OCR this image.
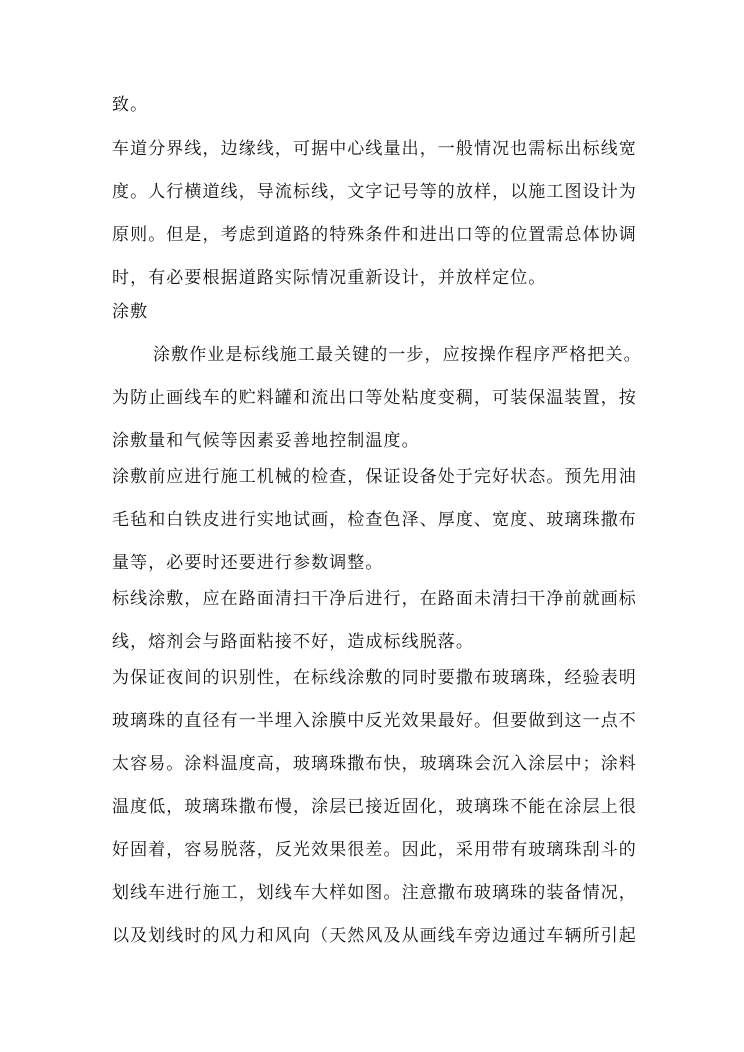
致。
车道分界线，边缘线，可据中心线量出，一般情况也需标出标线宽
度。人行横道线，导流标线，文字记号等的放样，以施工图设计为
原则。但是，考虑到道路的特殊条件和进出口等的位置需总体协调
时，有必要根据道路实际情况重新设计，并放样定位。
涂敷
涂敷作业是标线施工最关键的一步，应按操作程序严格把关。
为防止画线车的贮料罐和流出口等处粘度变稠，可装保温装置，按
涂敷量和气候等因素妥善地控制温度。
涂敷前应进行施工机械的检查，保证设备处于完好状态。预先用油
毛毡和白铁皮进行实地试画，检查色泽、厚度、宽度、玻璃珠撒布
量等，必要时还要进行参数调整。
标线涂敷，应在路面清扫干净后进行，在路面未清扫干净前就画标
线，熔剂会与路面粘接不好，造成标线脱落。
为保证夜间的识别性，在标线涂敷的同时要撒布玻璃珠，经验表明
玻璃珠的直径有一半埋入涂膜中反光效果最好。但要做到这一点不
太容易。涂料温度高，玻璃珠撒布快，玻璃珠会沉入涂层中；涂料
温度低，玻璃珠撒布慢，涂层已接近固化，玻璃珠不能在涂层上很
好固着，容易脱落，反光效果很差。因此，采用带有玻璃珠刮斗的
划线车进行施工，划线车大样如图。注意撒布玻璃珠的装备情况，
以及划线时的风力和风向（天然风及从画线车旁边通过车辆所引起
